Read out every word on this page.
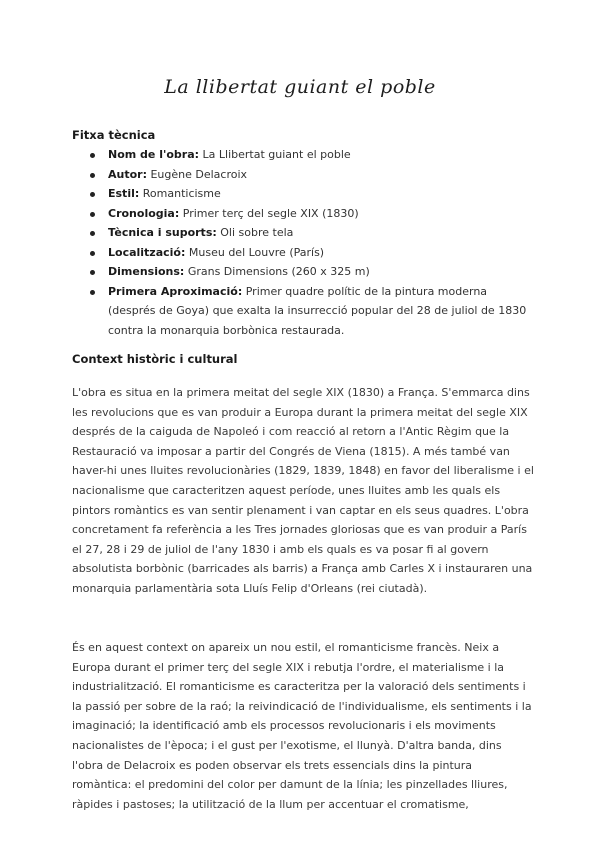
La llibertat guiant el poble
Fitxa tècnica
Nom de l'obra: La Llibertat guiant el poble
Autor: Eugène Delacroix
Estil: Romanticisme
Cronologia: Primer terç del segle XIX (1830)
Tècnica i suports: Oli sobre tela
Localització: Museu del Louvre (París)
Dimensions: Grans Dimensions (260 x 325 m)
Primera Aproximació: Primer quadre polític de la pintura moderna (després de Goya) que exalta la insurrecció popular del 28 de juliol de 1830 contra la monarquia borbònica restaurada.
Context històric i cultural
L'obra es situa en la primera meitat del segle XIX (1830) a França. S'emmarca dins les revolucions que es van produir a Europa durant la primera meitat del segle XIX després de la caiguda de Napoleó i com reacció al retorn a l'Antic Règim que la Restauració va imposar a partir del Congrés de Viena (1815). A més també van haver-hi unes lluites revolucionàries (1829, 1839, 1848) en favor del liberalisme i el nacionalisme que caracteritzen aquest període, unes lluites amb les quals els pintors romàntics es van sentir plenament i van captar en els seus quadres. L'obra concretament fa referència a les Tres jornades gloriosas que es van produir a París el 27, 28 i 29 de juliol de l'any 1830 i amb els quals es va posar fi al govern absolutista borbònic (barricades als barris) a França amb Carles X i instauraren una monarquia parlamentària sota Lluís Felip d'Orleans (rei ciutadà).
És en aquest context on apareix un nou estil, el romanticisme francès. Neix a Europa durant el primer terç del segle XIX i rebutja l'ordre, el materialisme i la industrialització. El romanticisme es caracteritza per la valoració dels sentiments i la passió per sobre de la raó; la reivindicació de l'individualisme, els sentiments i la imaginació; la identificació amb els processos revolucionaris i els moviments nacionalistes de l'època; i el gust per l'exotisme, el llunyà. D'altra banda, dins l'obra de Delacroix es poden observar els trets essencials dins la pintura romàntica: el predomini del color per damunt de la línia; les pinzellades lliures, ràpides i pastoses; la utilització de la llum per accentuar el cromatisme,
